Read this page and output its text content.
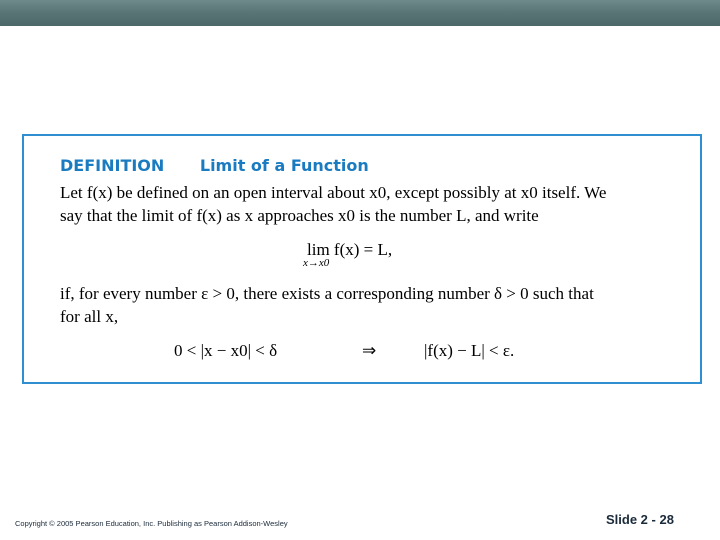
DEFINITION Limit of a Function
Let f(x) be defined on an open interval about x0, except possibly at x0 itself. We
say that the limit of f(x) as x approaches x0 is the number L, and write
lim f(x) = L,
x→x0
if, for every number ε > 0, there exists a corresponding number δ > 0 such that
for all x,
0 < |x − x0| < δ	⇒	|f(x) − L| < ε.
Copyright © 2005 Pearson Education, Inc. Publishing as Pearson Addison-Wesley	Slide 2 - 28
